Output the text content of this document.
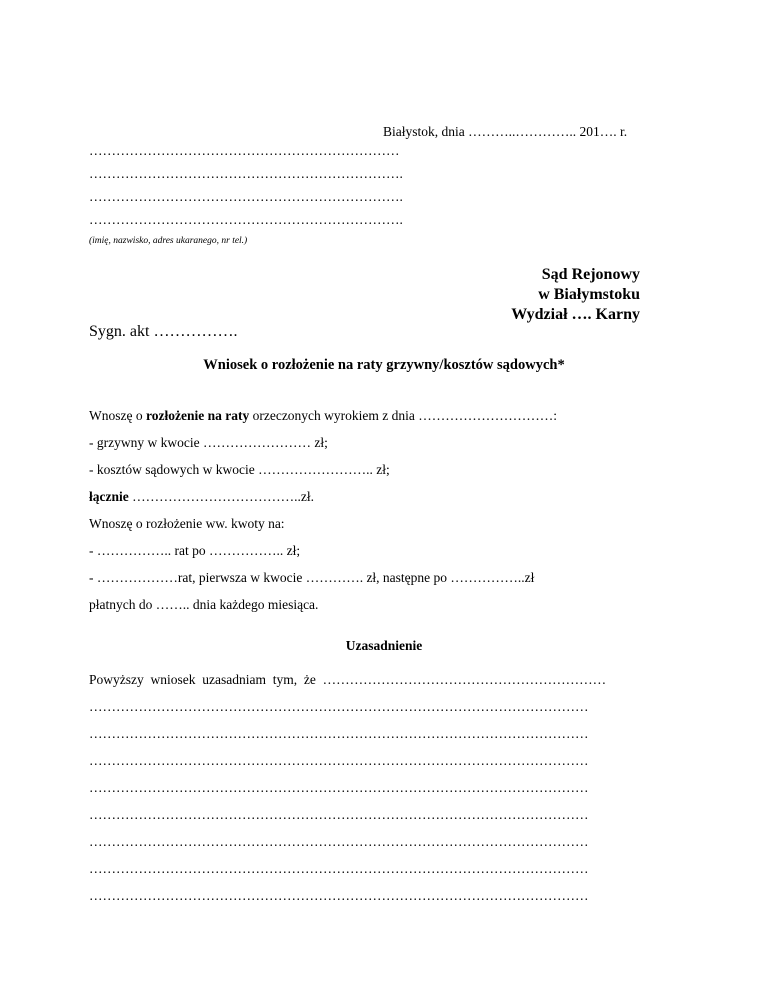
Białystok, dnia ………..………….. 201…. r.
……………………………………………………………
…………………………………………………………….
…………………………………………………………….
…………………………………………………………….
(imię, nazwisko, adres ukaranego, nr tel.)
Sąd Rejonowy
w Białymstoku
Wydział …. Karny
Sygn. akt …………….
Wniosek o rozłożenie na raty grzywny/kosztów sądowych*
Wnoszę o rozłożenie na raty orzeczonych wyrokiem z dnia …………………………:
- grzywny w kwocie …………………… zł;
- kosztów sądowych w kwocie …………………….. zł;
łącznie ………………………………..zł.
Wnoszę o rozłożenie ww. kwoty na:
- …………….. rat po …………….. zł;
- ………………rat, pierwsza w kwocie …………. zł, następne po ……………..zł
płatnych do …….. dnia każdego miesiąca.
Uzasadnienie
Powyższy  wniosek  uzasadniam  tym,  że  ………………………………………………………
…………………………………………………………………………………………………
…………………………………………………………………………………………………
…………………………………………………………………………………………………
…………………………………………………………………………………………………
…………………………………………………………………………………………………
…………………………………………………………………………………………………
…………………………………………………………………………………………………
…………………………………………………………………………………………………
